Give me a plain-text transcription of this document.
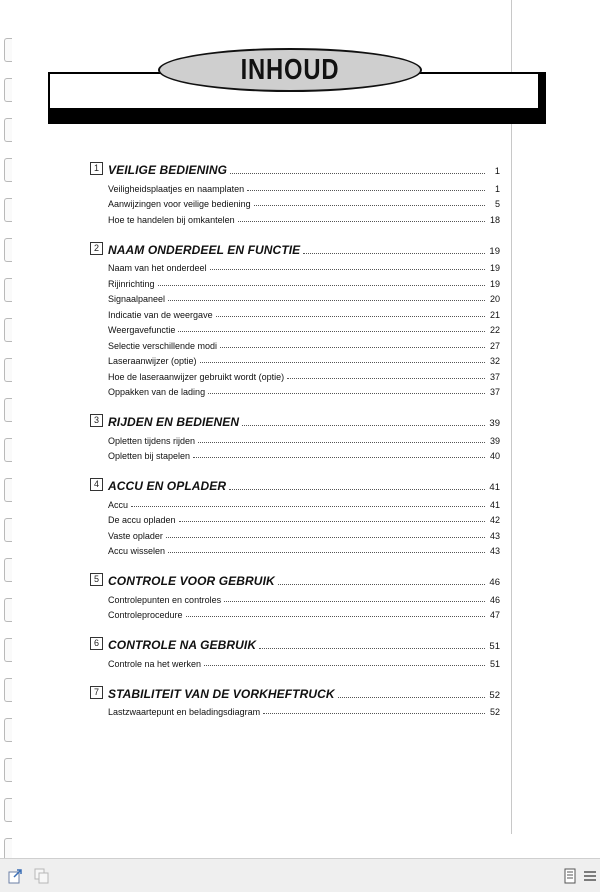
INHOUD
1 VEILIGE BEDIENING	1
Veiligheidsplaatjes en naamplaten	1
Aanwijzingen voor veilige bediening	5
Hoe te handelen bij omkantelen	18
2 NAAM ONDERDEEL EN FUNCTIE	19
Naam van het onderdeel	19
Rijinrichting	19
Signaalpaneel	20
Indicatie van de weergave	21
Weergavefunctie	22
Selectie verschillende modi	27
Laseraanwijzer (optie)	32
Hoe de laseraanwijzer gebruikt wordt (optie)	37
Oppakken van de lading	37
3 RIJDEN EN BEDIENEN	39
Opletten tijdens rijden	39
Opletten bij stapelen	40
4 ACCU EN OPLADER	41
Accu	41
De accu opladen	42
Vaste oplader	43
Accu wisselen	43
5 CONTROLE VOOR GEBRUIK	46
Controlepunten en controles	46
Controleprocedure	47
6 CONTROLE NA GEBRUIK	51
Controle na het werken	51
7 STABILITEIT VAN DE VORKHEFTRUCK	52
Lastzwaartepunt en beladingsdiagram	52
